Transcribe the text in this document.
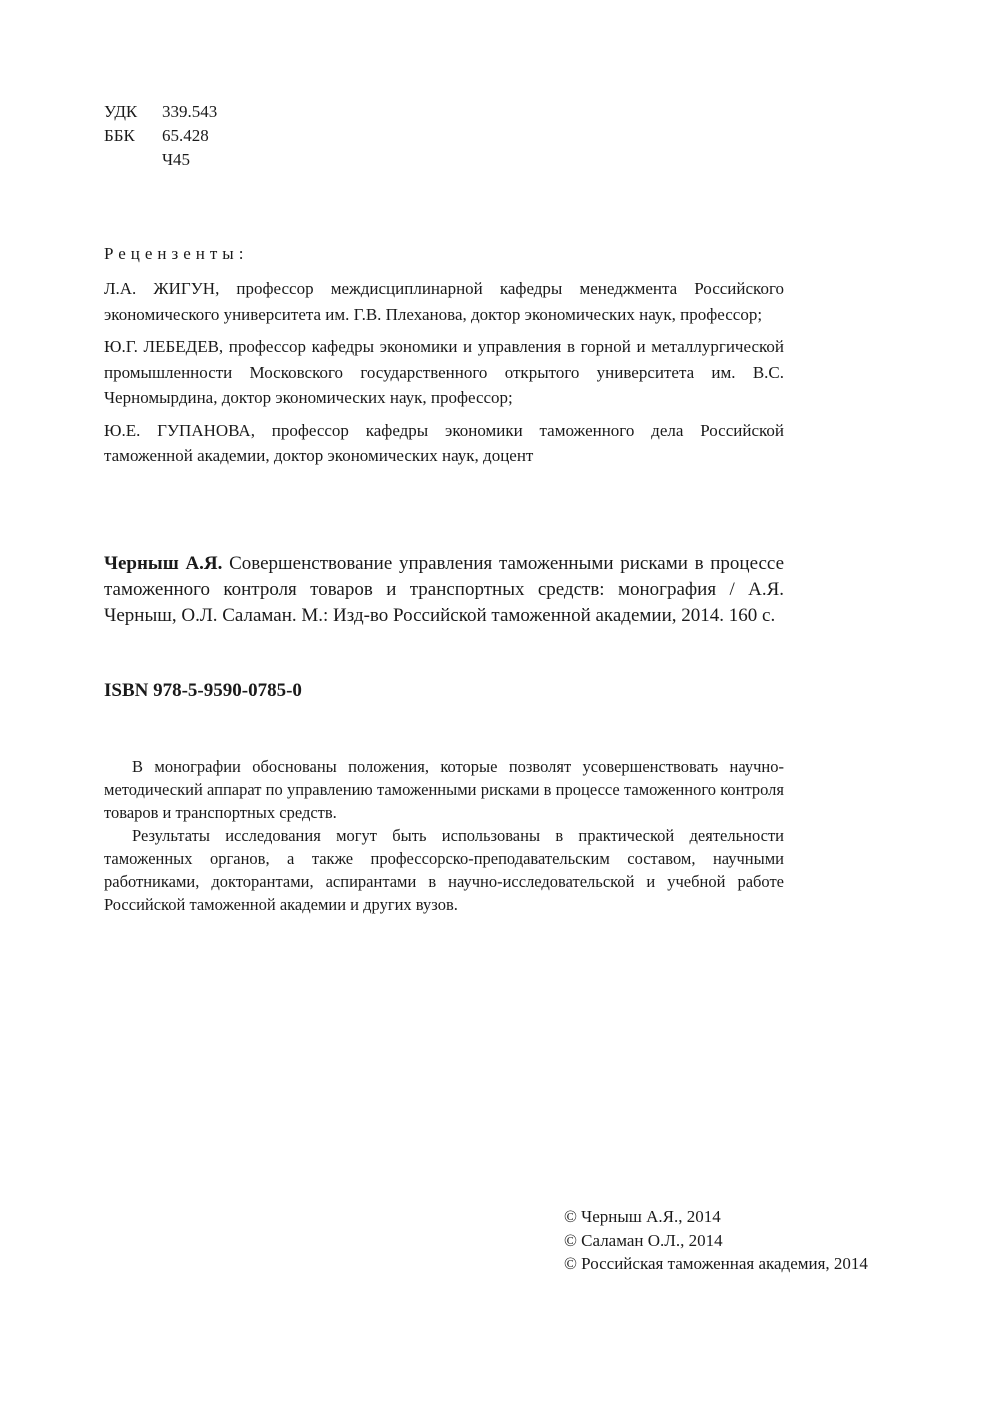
УДК	339.543
ББК	65.428
Ч45
Рецензенты:

Л.А. ЖИГУН, профессор междисциплинарной кафедры менеджмента Российского экономического университета им. Г.В. Плеханова, доктор экономических наук, профессор;

Ю.Г. ЛЕБЕДЕВ, профессор кафедры экономики и управления в горной и металлургической промышленности Московского государственного открытого университета им. В.С. Черномырдина, доктор экономических наук, профессор;

Ю.Е. ГУПАНОВА, профессор кафедры экономики таможенного дела Российской таможенной академии, доктор экономических наук, доцент

Черныш А.Я. Совершенствование управления таможенными рисками в процессе таможенного контроля товаров и транспортных средств: монография / А.Я. Черныш, О.Л. Саламан. М.: Изд-во Российской таможенной академии, 2014. 160 с.
ISBN 978-5-9590-0785-0

В монографии обоснованы положения, которые позволят усовершенствовать научно-методический аппарат по управлению таможенными рисками в процессе таможенного контроля товаров и транспортных средств.

Результаты исследования могут быть использованы в практической деятельности таможенных органов, а также профессорско-преподавательским составом, научными работниками, докторантами, аспирантами в научно-исследовательской и учебной работе Российской таможенной академии и других вузов.

© Черныш А.Я., 2014
© Саламан О.Л., 2014
© Российская таможенная академия, 2014
